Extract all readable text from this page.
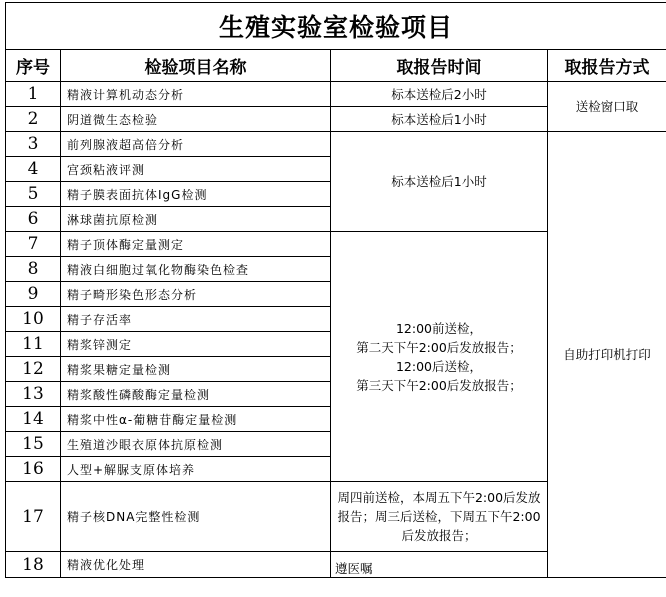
生殖实验室检验项目			
序号	检验项目名称	取报告时间	取报告方式
1	精液计算机动态分析	标本送检后2小时	送检窗口取
2	阴道微生态检验	标本送检后1小时	
3	前列腺液超高倍分析	标本送检后1小时	自助打印机打印
4	宫颈粘液评测		
5	精子膜表面抗体IgG检测		
6	淋球菌抗原检测		
7	精子顶体酶定量测定	12:00前送检，
第二天下午2:00后发放报告；
12:00后送检，
第三天下午2:00后发放报告；	

8	精液白细胞过氧化物酶染色检查		
9	精子畸形染色形态分析		
10	精子存活率		
11	精浆锌测定		
12	精浆果糖定量检测		
13	精浆酸性磷酸酶定量检测		
14	精浆中性α-葡糖苷酶定量检测		
15	生殖道沙眼衣原体抗原检测		
16	人型+解脲支原体培养		
17	精子核DNA完整性检测	周四前送检，本周五下午2:00后发放报告；周三后送检，下周五下午2:00后发放报告；	
18	精液优化处理	遵医嘱	
